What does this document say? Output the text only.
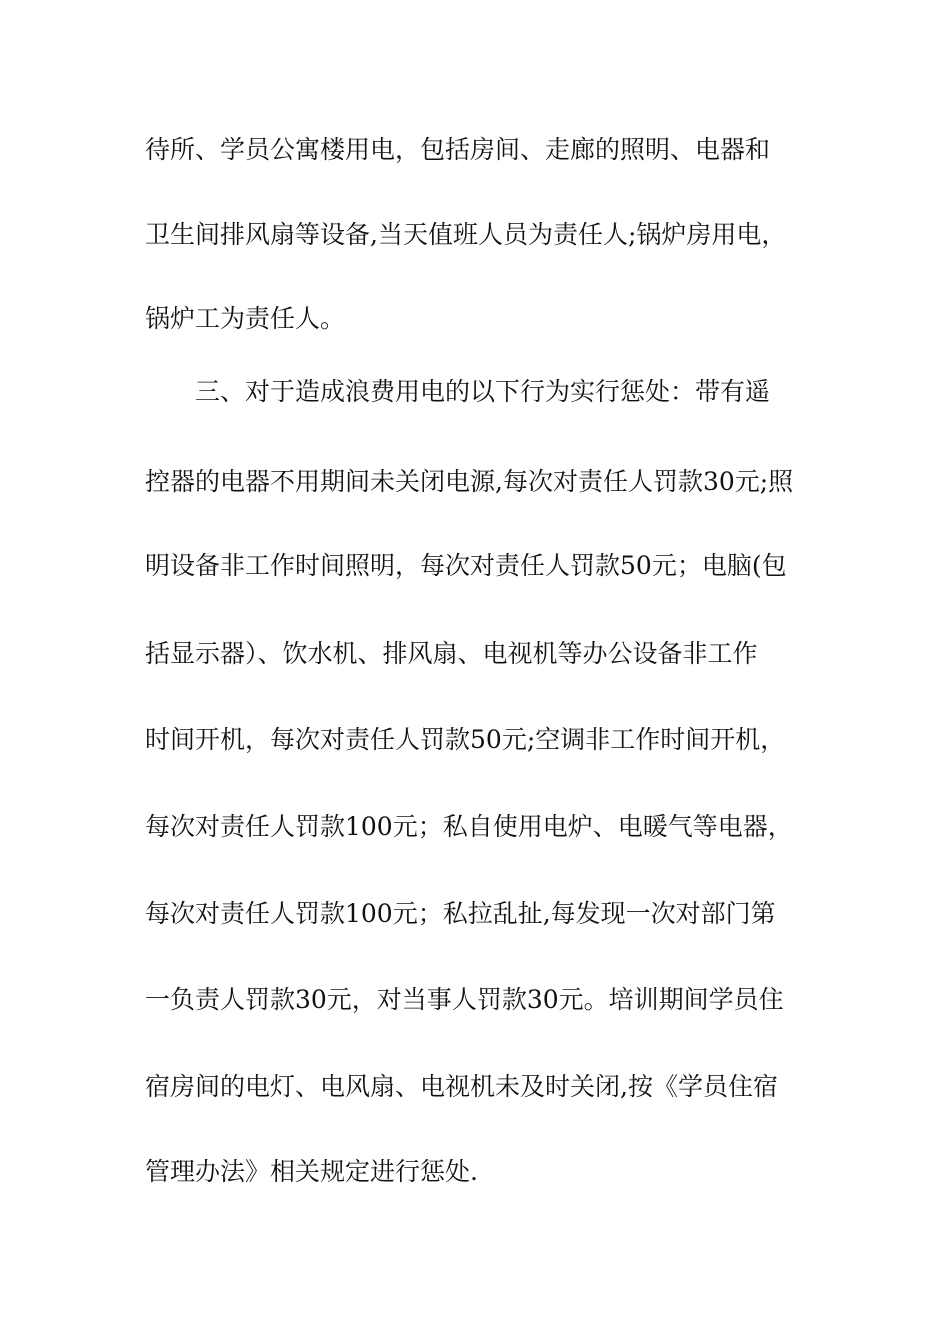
待所、学员公寓楼用电，包括房间、走廊的照明、电器和
卫生间排风扇等设备,当天值班人员为责任人;锅炉房用电，
锅炉工为责任人。
三、对于造成浪费用电的以下行为实行惩处：带有遥
控器的电器不用期间未关闭电源,每次对责任人罚款30元;照
明设备非工作时间照明，每次对责任人罚款50元；电脑(包
括显示器）、饮水机、排风扇、电视机等办公设备非工作
时间开机，每次对责任人罚款50元;空调非工作时间开机，
每次对责任人罚款100元；私自使用电炉、电暖气等电器，
每次对责任人罚款100元；私拉乱扯,每发现一次对部门第
一负责人罚款30元，对当事人罚款30元。培训期间学员住
宿房间的电灯、电风扇、电视机未及时关闭,按《学员住宿
管理办法》相关规定进行惩处.
